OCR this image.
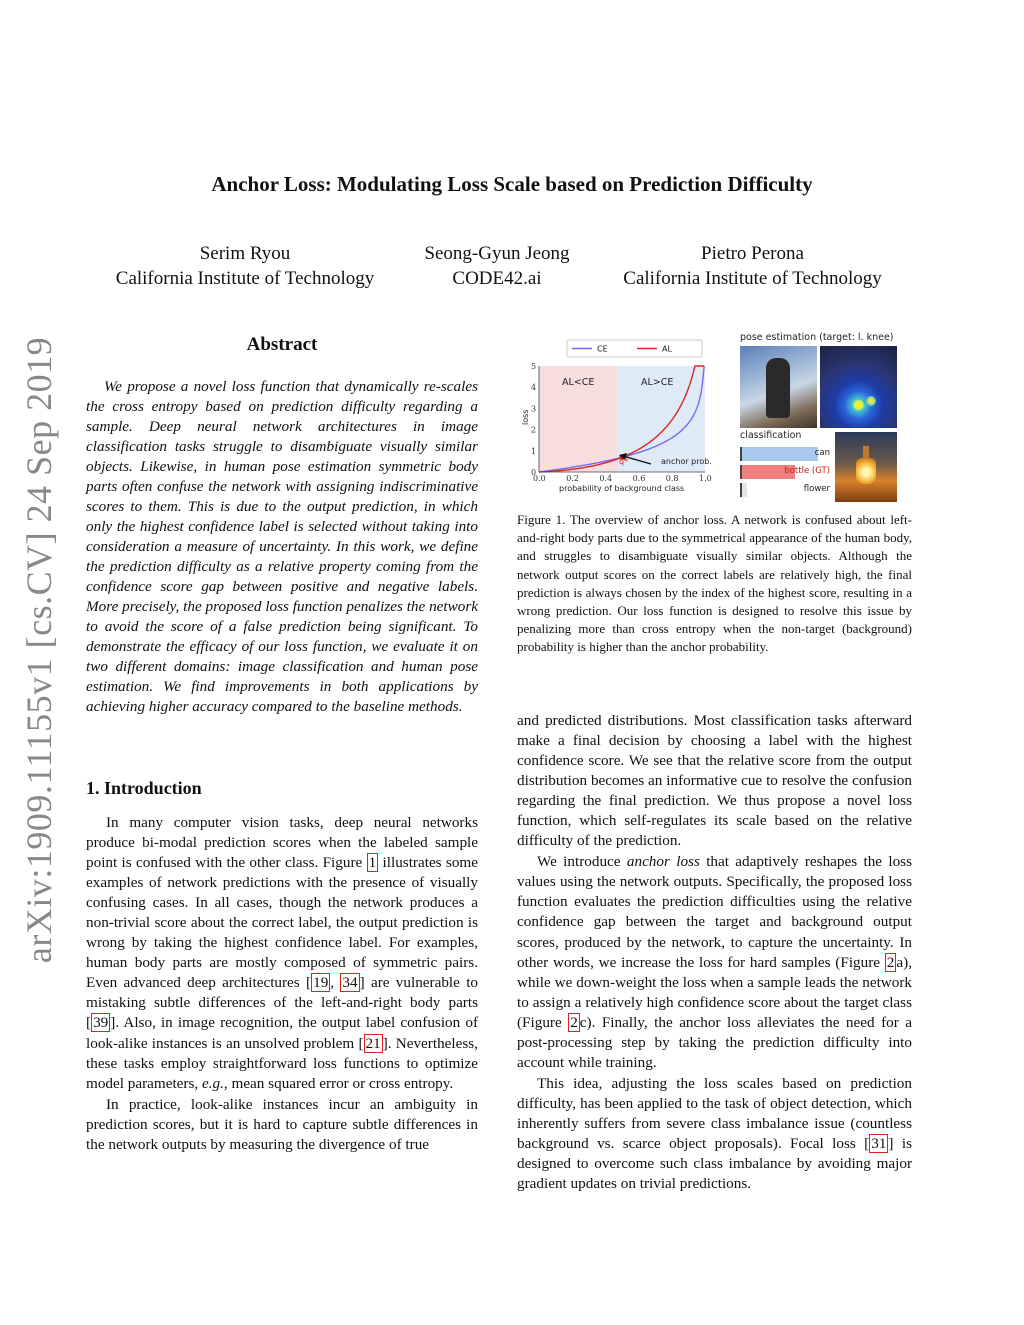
arXiv:1909.11155v1 [cs.CV] 24 Sep 2019
Anchor Loss: Modulating Loss Scale based on Prediction Difficulty
Serim Ryou
California Institute of Technology
Seong-Gyun Jeong
CODE42.ai
Pietro Perona
California Institute of Technology
Abstract

We propose a novel loss function that dynamically re-scales the cross entropy based on prediction difficulty regarding a sample. Deep neural network architectures in image classification tasks struggle to disambiguate visually similar objects. Likewise, in human pose estimation symmetric body parts often confuse the network with assigning indiscriminative scores to them. This is due to the output prediction, in which only the highest confidence label is selected without taking into consideration a measure of uncertainty. In this work, we define the prediction difficulty as a relative property coming from the confidence score gap between positive and negative labels. More precisely, the proposed loss function penalizes the network to avoid the score of a false prediction being significant. To demonstrate the efficacy of our loss function, we evaluate it on two different domains: image classification and human pose estimation. We find improvements in both applications by achieving higher accuracy compared to the baseline methods.

1. Introduction

In many computer vision tasks, deep neural networks produce bi-modal prediction scores when the labeled sample point is confused with the other class. Figure 1 illustrates some examples of network predictions with the presence of visually confusing cases. In all cases, though the network produces a non-trivial score about the correct label, the output prediction is wrong by taking the highest confidence label. For examples, human body parts are mostly composed of symmetric pairs. Even advanced deep architectures [ 19 , 34 ] are vulnerable to mistaking subtle differences of the left-and-right body parts [ 39 ]. Also, in image recognition, the output label confusion of look-alike instances is an unsolved problem [ 21 ]. Nevertheless, these tasks employ straightforward loss functions to optimize model parameters, e.g., mean squared error or cross entropy.

In practice, look-alike instances incur an ambiguity in prediction scores, but it is hard to capture subtle differences in the network outputs by measuring the divergence of true

CE	AL
AL<CE	AL>CE
q*	anchor prob.
0.0	0.2	0.4	0.6	0.8	1.0
0
1
2
3
4
5
probability of background class
loss
pose estimation (target: l. knee)
classification
can
bottle (GT)
flower

Figure 1. The overview of anchor loss. A network is confused about left-and-right body parts due to the symmetrical appearance of the human body, and struggles to disambiguate visually similar objects. Although the network output scores on the correct labels are relatively high, the final prediction is always chosen by the index of the highest score, resulting in a wrong prediction. Our loss function is designed to resolve this issue by penalizing more than cross entropy when the non-target (background) probability is higher than the anchor probability.

and predicted distributions. Most classification tasks afterward make a final decision by choosing a label with the highest confidence score. We see that the relative score from the output distribution becomes an informative cue to resolve the confusion regarding the final prediction. We thus propose a novel loss function, which self-regulates its scale based on the relative difficulty of the prediction.

We introduce anchor loss that adaptively reshapes the loss values using the network outputs. Specifically, the proposed loss function evaluates the prediction difficulties using the relative confidence gap between the target and background output scores, produced by the network, to capture the uncertainty. In other words, we increase the loss for hard samples (Figure 2 a), while we down-weight the loss when a sample leads the network to assign a relatively high confidence score about the target class (Figure 2 c). Finally, the anchor loss alleviates the need for a post-processing step by taking the prediction difficulty into account while training.

This idea, adjusting the loss scales based on prediction difficulty, has been applied to the task of object detection, which inherently suffers from severe class imbalance issue (countless background vs. scarce object proposals). Focal loss [ 31 ] is designed to overcome such class imbalance by avoiding major gradient updates on trivial predictions.
